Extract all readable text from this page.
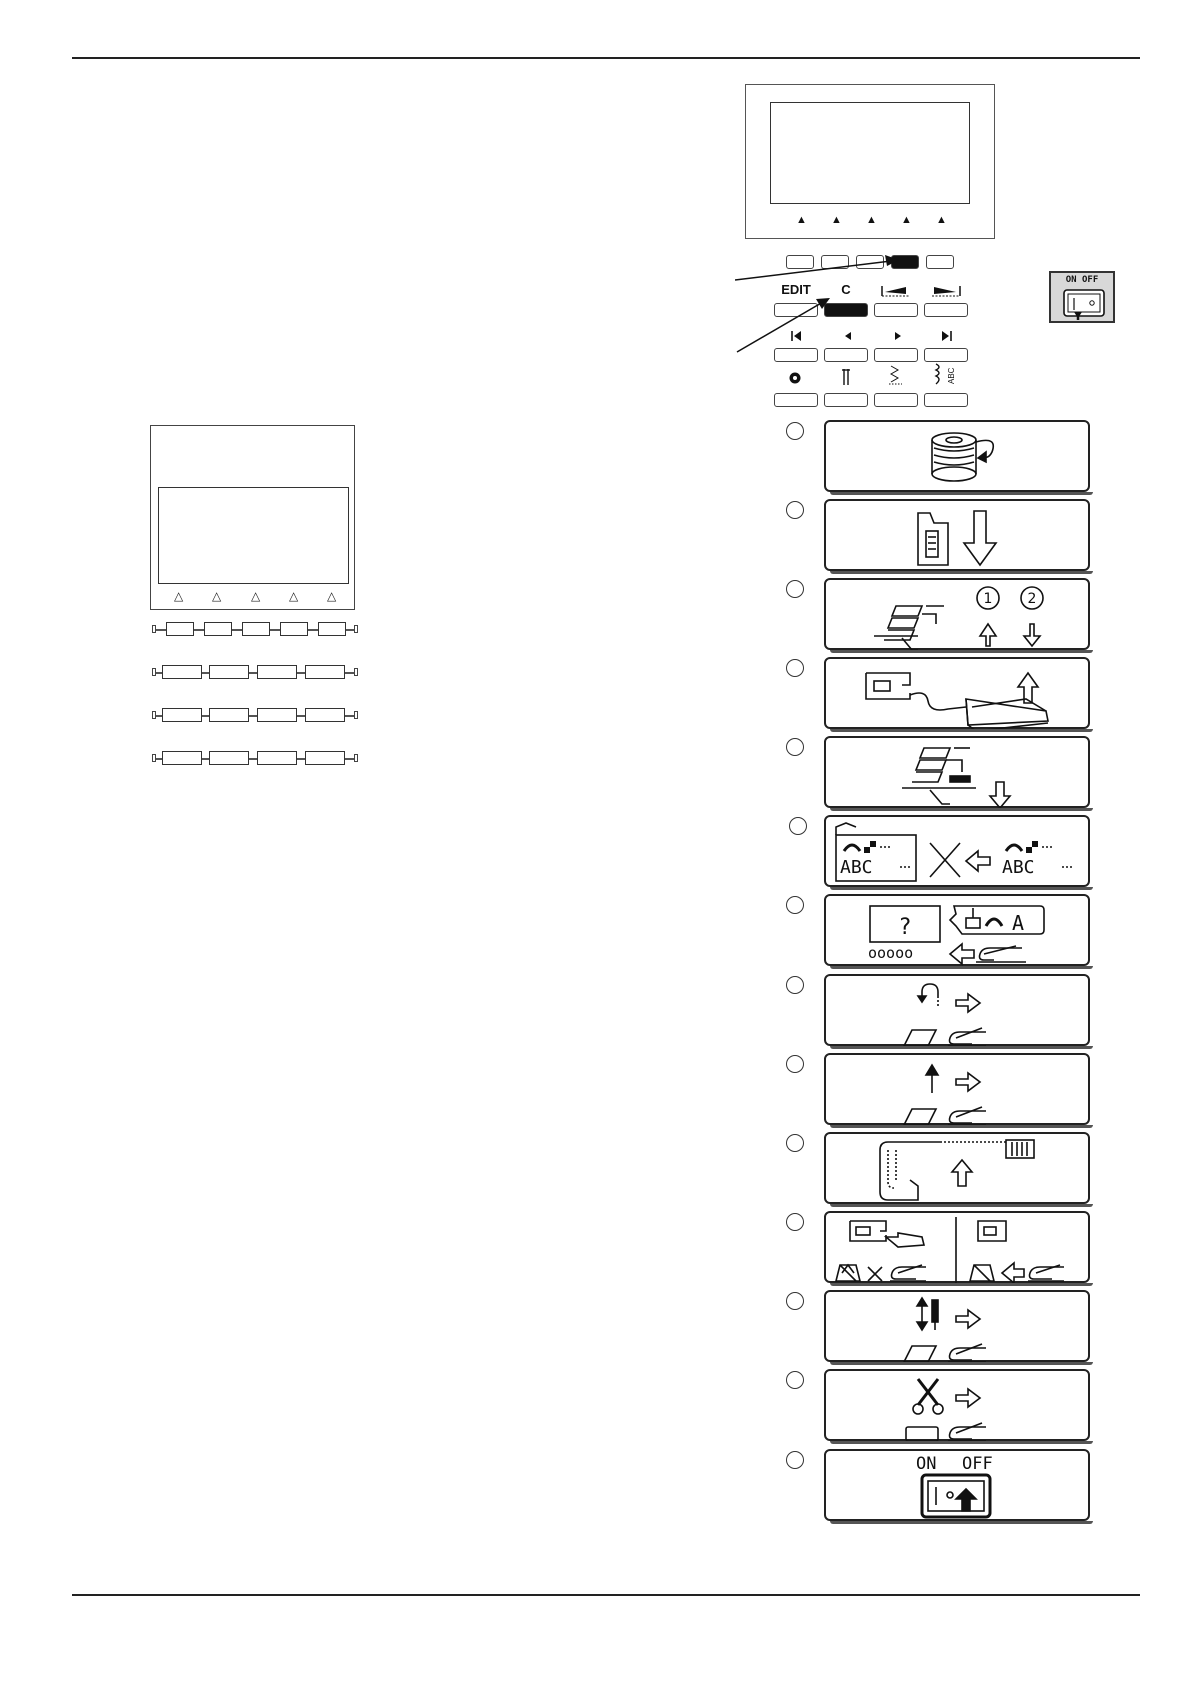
△ △ △ △ △
▲ ▲ ▲ ▲ ▲
EDIT	C
ABC
ON OFF
1	2
ABC	ABC
?
ooooo
A
ON OFF
